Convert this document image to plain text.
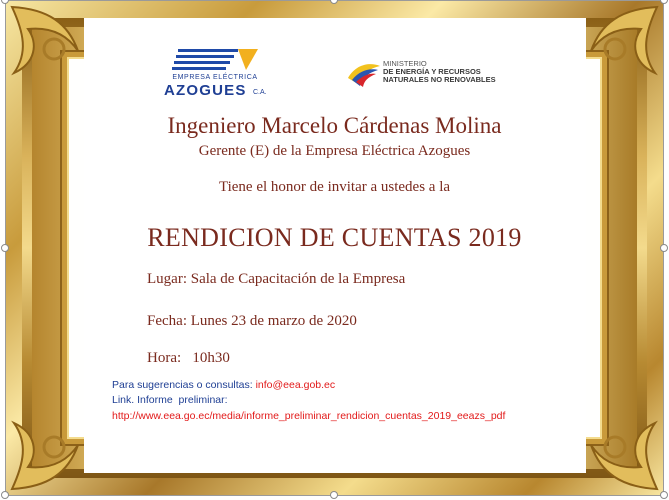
EMPRESA ELÉCTRICA
AZOGUES C.A.
MINISTERIO
DE ENERGÍA Y RECURSOS
NATURALES NO RENOVABLES
Ingeniero Marcelo Cárdenas Molina
Gerente (E) de la Empresa Eléctrica Azogues
Tiene el honor de invitar a ustedes a la
RENDICION DE CUENTAS 2019
Lugar: Sala de Capacitación de la Empresa
Fecha: Lunes 23 de marzo de 2020
Hora:   10h30
Para sugerencias o consultas: info@eea.gob.ec
Link. Informe  preliminar:
http://www.eea.go.ec/media/informe_preliminar_rendicion_cuentas_2019_eeazs_pdf
